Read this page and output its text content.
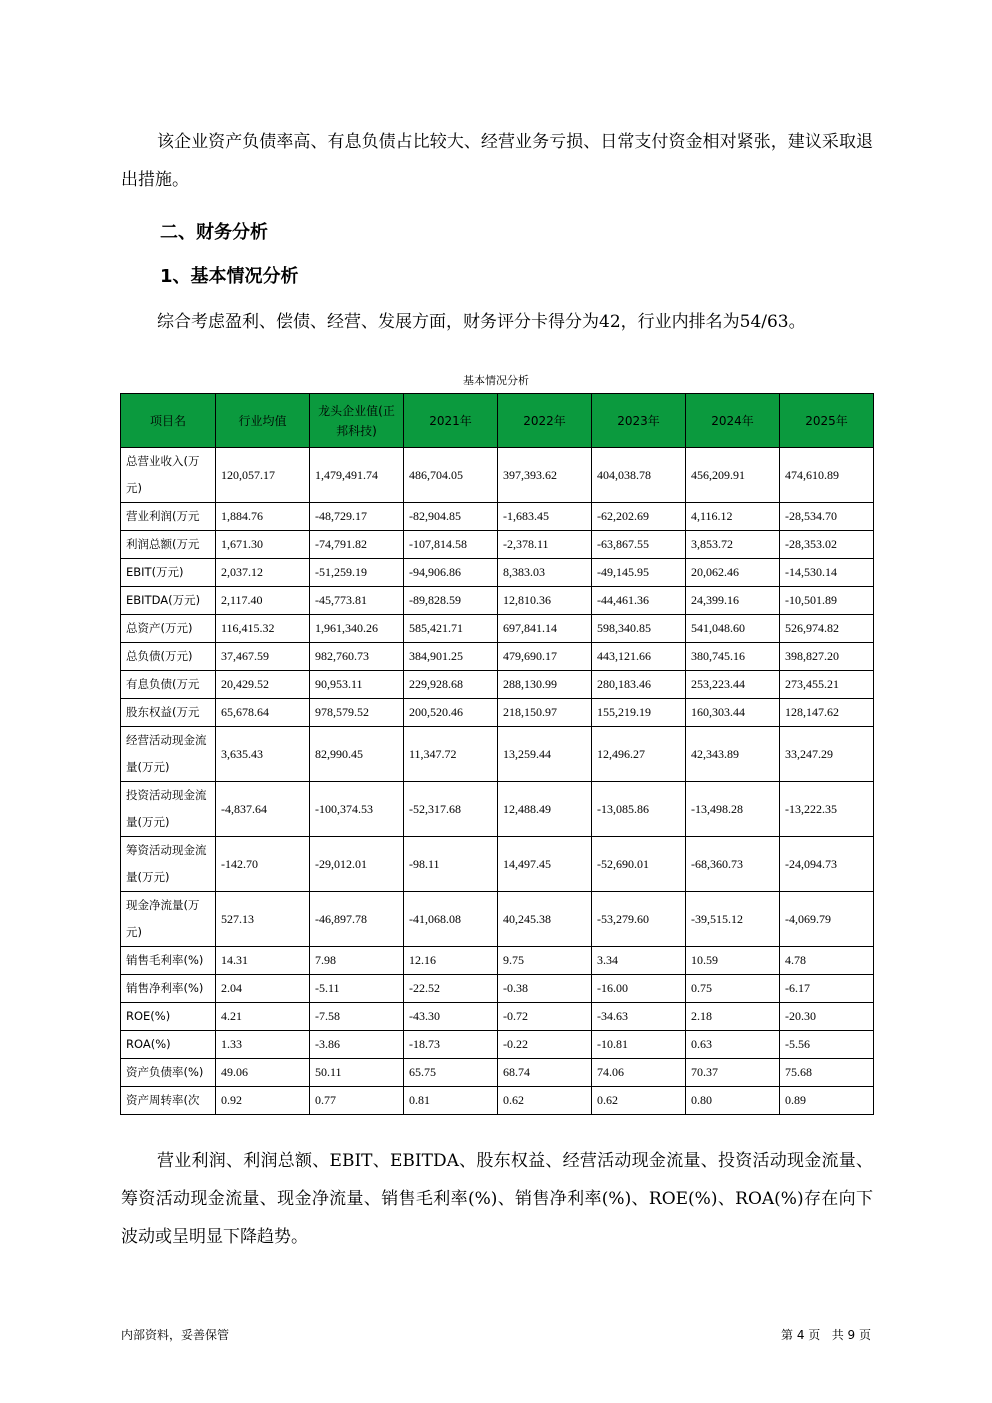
该企业资产负债率高、有息负债占比较大、经营业务亏损、日常支付资金相对紧张，建议采取退出措施。
二、财务分析
1、基本情况分析
综合考虑盈利、偿债、经营、发展方面，财务评分卡得分为42，行业内排名为54/63。
基本情况分析
项目名	行业均值	龙头企业值(正邦科技)	2021年	2022年	2023年	2024年	2025年
总营业收入(万元)	120,057.17	1,479,491.74	486,704.05	397,393.62	404,038.78	456,209.91	474,610.89
营业利润(万元	1,884.76	-48,729.17	-82,904.85	-1,683.45	-62,202.69	4,116.12	-28,534.70
利润总额(万元	1,671.30	-74,791.82	-107,814.58	-2,378.11	-63,867.55	3,853.72	-28,353.02
EBIT(万元)	2,037.12	-51,259.19	-94,906.86	8,383.03	-49,145.95	20,062.46	-14,530.14
EBITDA(万元)	2,117.40	-45,773.81	-89,828.59	12,810.36	-44,461.36	24,399.16	-10,501.89
总资产(万元)	116,415.32	1,961,340.26	585,421.71	697,841.14	598,340.85	541,048.60	526,974.82
总负债(万元)	37,467.59	982,760.73	384,901.25	479,690.17	443,121.66	380,745.16	398,827.20
有息负债(万元	20,429.52	90,953.11	229,928.68	288,130.99	280,183.46	253,223.44	273,455.21
股东权益(万元	65,678.64	978,579.52	200,520.46	218,150.97	155,219.19	160,303.44	128,147.62
经营活动现金流量(万元)	3,635.43	82,990.45	11,347.72	13,259.44	12,496.27	42,343.89	33,247.29
投资活动现金流量(万元)	-4,837.64	-100,374.53	-52,317.68	12,488.49	-13,085.86	-13,498.28	-13,222.35
筹资活动现金流量(万元)	-142.70	-29,012.01	-98.11	14,497.45	-52,690.01	-68,360.73	-24,094.73
现金净流量(万元)	527.13	-46,897.78	-41,068.08	40,245.38	-53,279.60	-39,515.12	-4,069.79
销售毛利率(%)	14.31	7.98	12.16	9.75	3.34	10.59	4.78
销售净利率(%)	2.04	-5.11	-22.52	-0.38	-16.00	0.75	-6.17
ROE(%)	4.21	-7.58	-43.30	-0.72	-34.63	2.18	-20.30
ROA(%)	1.33	-3.86	-18.73	-0.22	-10.81	0.63	-5.56
资产负债率(%)	49.06	50.11	65.75	68.74	74.06	70.37	75.68
资产周转率(次	0.92	0.77	0.81	0.62	0.62	0.80	0.89
营业利润、利润总额、EBIT、EBITDA、股东权益、经营活动现金流量、投资活动现金流量、筹资活动现金流量、现金净流量、销售毛利率(%)、销售净利率(%)、ROE(%)、ROA(%)存在向下波动或呈明显下降趋势。
内部资料，妥善保管	第 4 页   共 9 页
